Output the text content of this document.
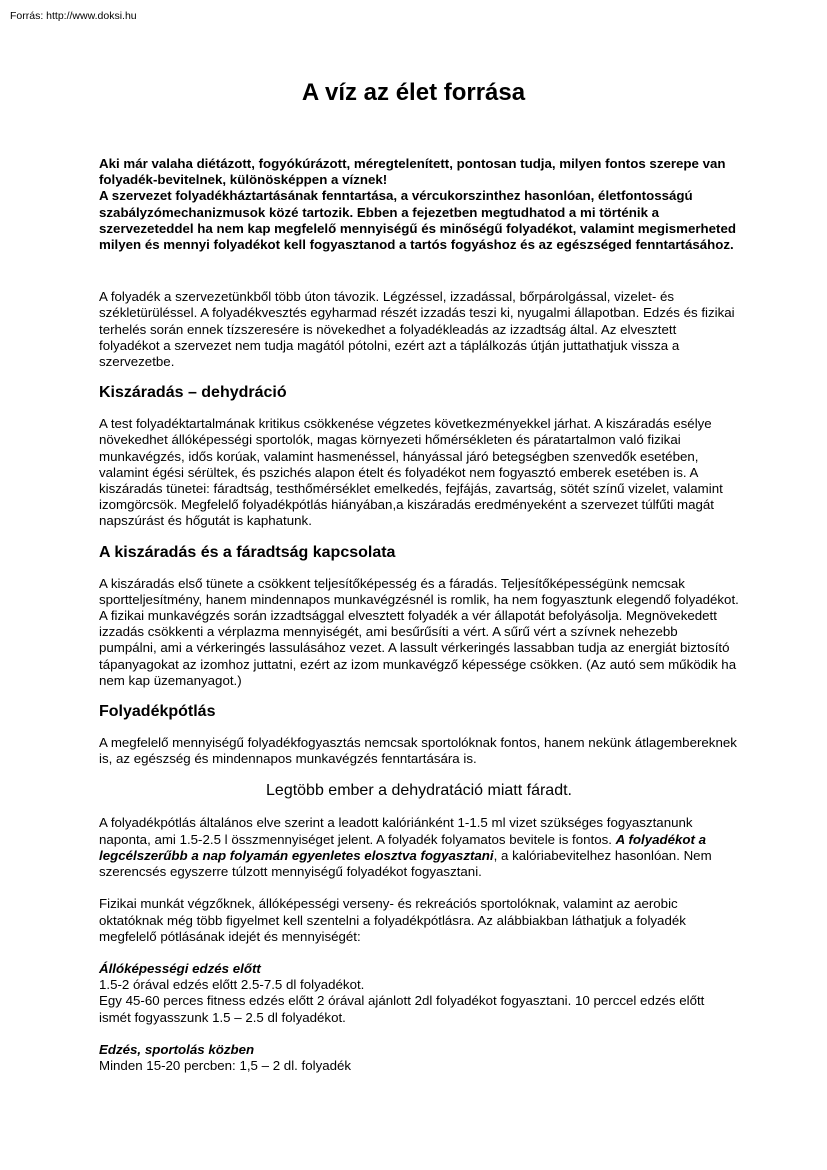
Forrás: http://www.doksi.hu
A víz az élet forrása

Aki már valaha diétázott, fogyókúrázott, méregtelenített, pontosan tudja, milyen fontos szerepe van folyadék-bevitelnek, különösképpen a víznek!

A szervezet folyadékháztartásának fenntartása, a vércukorszinthez hasonlóan, életfontosságú szabályzómechanizmusok közé tartozik. Ebben a fejezetben megtudhatod a mi történik a szervezeteddel ha nem kap megfelelő mennyiségű és minőségű folyadékot, valamint megismerheted milyen és mennyi folyadékot kell fogyasztanod a tartós fogyáshoz és az egészséged fenntartásához.

A folyadék a szervezetünkből több úton távozik. Légzéssel, izzadással, bőrpárolgással, vizelet- és székletürüléssel. A folyadékvesztés egyharmad részét izzadás teszi ki, nyugalmi állapotban. Edzés és fizikai terhelés során ennek tízszeresére is növekedhet a folyadékleadás az izzadtság által. Az elvesztett folyadékot a szervezet nem tudja magától pótolni, ezért azt a táplálkozás útján juttathatjuk vissza a szervezetbe.

Kiszáradás – dehydráció

A test folyadéktartalmának kritikus csökkenése végzetes következményekkel járhat. A kiszáradás esélye növekedhet állóképességi sportolók, magas környezeti hőmérsékleten és páratartalmon való fizikai munkavégzés, idős korúak, valamint hasmenéssel, hányással járó betegségben szenvedők esetében, valamint égési sérültek, és pszichés alapon ételt és folyadékot nem fogyasztó emberek esetében is. A kiszáradás tünetei: fáradtság, testhőmérséklet emelkedés, fejfájás, zavartság, sötét színű vizelet, valamint izomgörcsök. Megfelelő folyadékpótlás hiányában,a kiszáradás eredményeként a szervezet túlfűti magát napszúrást és hőgutát is kaphatunk.

A kiszáradás és a fáradtság kapcsolata

A kiszáradás első tünete a csökkent teljesítőképesség és a fáradás. Teljesítőképességünk nemcsak sportteljesítmény, hanem mindennapos munkavégzésnél is romlik, ha nem fogyasztunk elegendő folyadékot. A fizikai munkavégzés során izzadtsággal elvesztett folyadék a vér állapotát befolyásolja. Megnövekedett izzadás csökkenti a vérplazma mennyiségét, ami besűrűsíti a vért. A sűrű vért a szívnek nehezebb pumpálni, ami a vérkeringés lassulásához vezet. A lassult vérkeringés lassabban tudja az energiát biztosító tápanyagokat az izomhoz juttatni, ezért az izom munkavégző képessége csökken. (Az autó sem működik ha nem kap üzemanyagot.)

Folyadékpótlás

A megfelelő mennyiségű folyadékfogyasztás nemcsak sportolóknak fontos, hanem nekünk átlagembereknek is, az egészség és mindennapos munkavégzés fenntartására is.

Legtöbb ember a dehydratáció miatt fáradt.

A folyadékpótlás általános elve szerint a leadott kalóriánként 1-1.5 ml vizet szükséges fogyasztanunk naponta, ami 1.5-2.5 l összmennyiséget jelent. A folyadék folyamatos bevitele is fontos. A folyadékot a legcélszerűbb a nap folyamán egyenletes elosztva fogyasztani, a kalóriabevitelhez hasonlóan. Nem szerencsés egyszerre túlzott mennyiségű folyadékot fogyasztani.

Fizikai munkát végzőknek, állóképességi verseny- és rekreációs sportolóknak, valamint az aerobic oktatóknak még több figyelmet kell szentelni a folyadékpótlásra. Az alábbiakban láthatjuk a folyadék megfelelő pótlásának idejét és mennyiségét:

Állóképességi edzés előtt

1.5-2 órával edzés előtt 2.5-7.5 dl folyadékot.

Egy 45-60 perces fitness edzés előtt 2 órával ajánlott 2dl folyadékot fogyasztani. 10 perccel edzés előtt ismét fogyasszunk 1.5 – 2.5 dl folyadékot.

Edzés, sportolás közben

Minden 15-20 percben: 1,5 – 2 dl. folyadék
